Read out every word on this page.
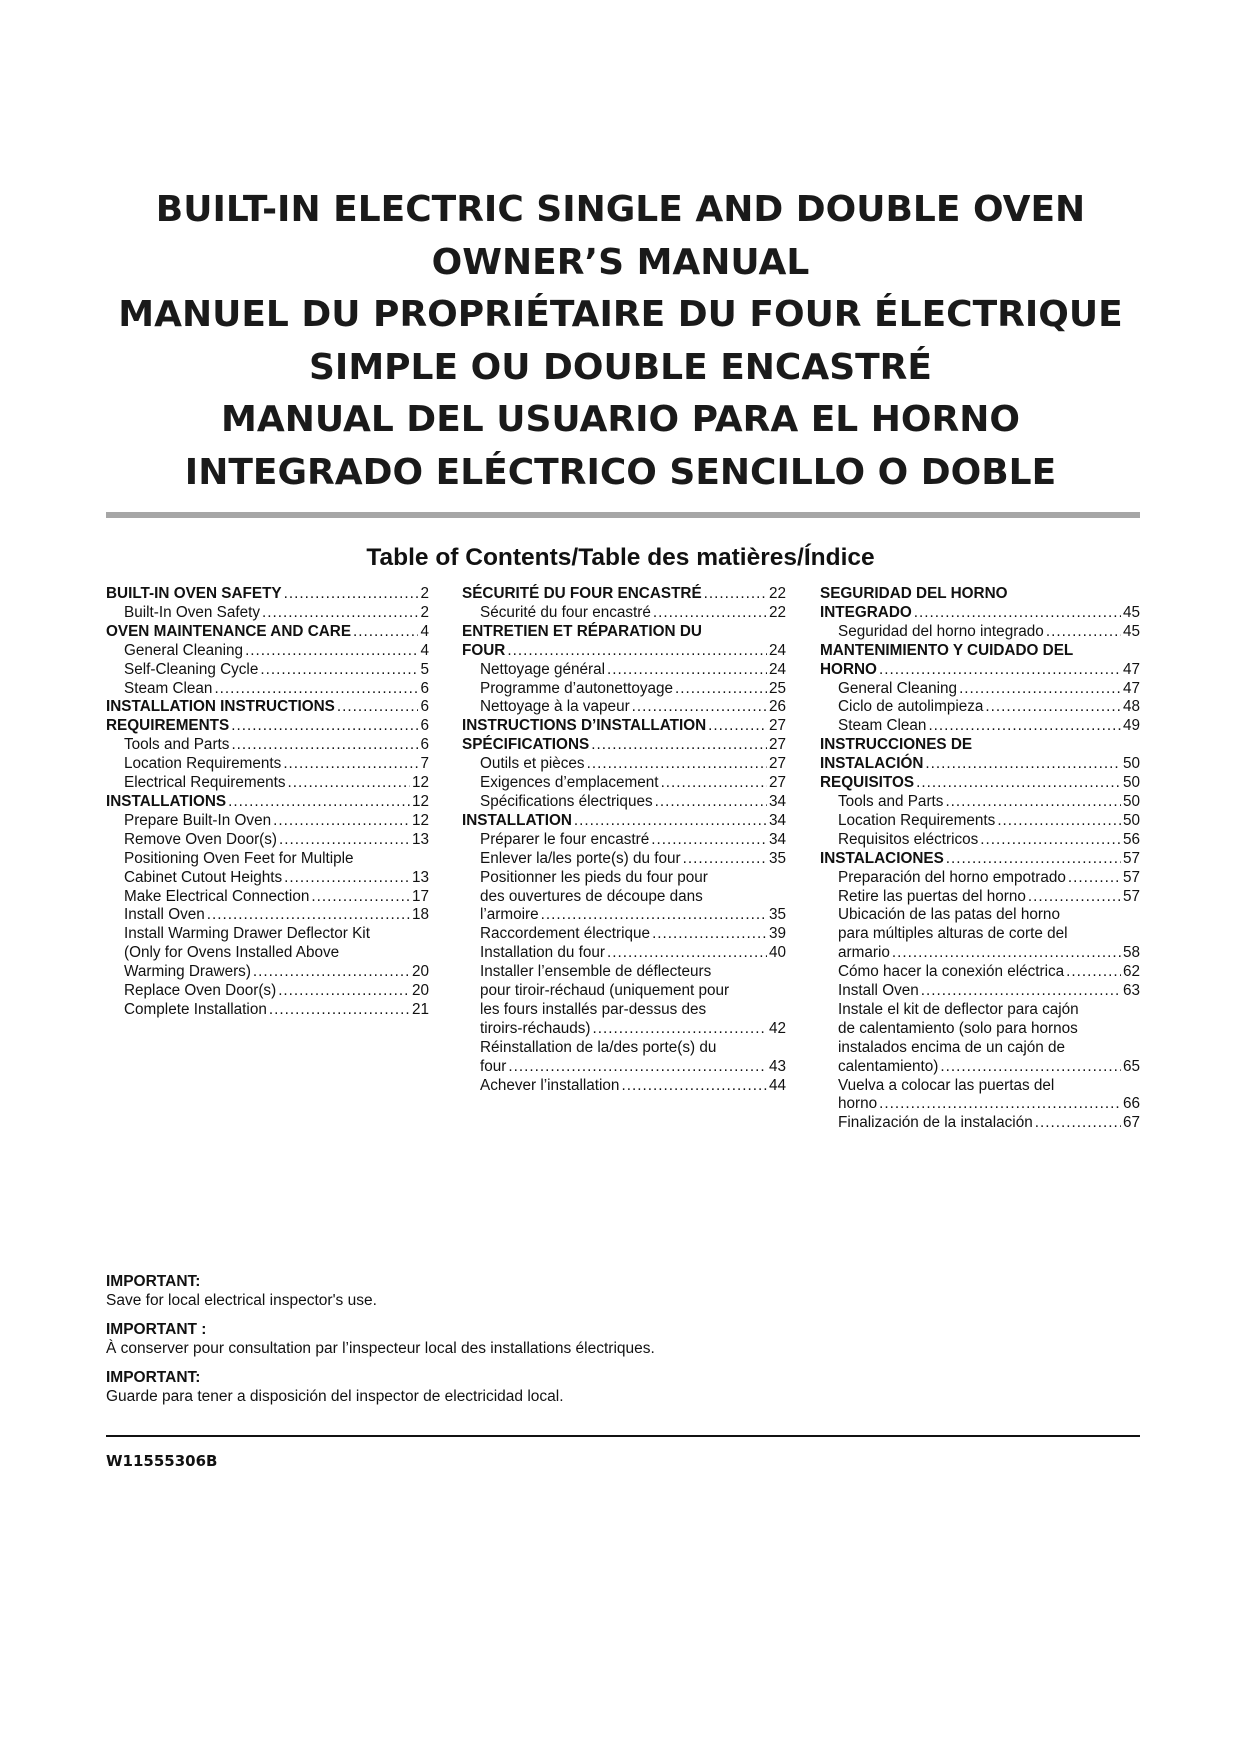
BUILT-IN ELECTRIC SINGLE AND DOUBLE OVEN
OWNER’S MANUAL
MANUEL DU PROPRIÉTAIRE DU FOUR ÉLECTRIQUE
SIMPLE OU DOUBLE ENCASTRÉ
MANUAL DEL USUARIO PARA EL HORNO
INTEGRADO ELÉCTRICO SENCILLO O DOBLE
Table of Contents/Table des matières/Índice
BUILT-IN OVEN SAFETY .....	2
Built-In Oven Safety .....	2
OVEN MAINTENANCE AND CARE .....	4
General Cleaning .....	4
Self-Cleaning Cycle .....	5
Steam Clean .....	6
INSTALLATION INSTRUCTIONS .....	6
REQUIREMENTS .....	6
Tools and Parts .....	6
Location Requirements .....	7
Electrical Requirements .....	12
INSTALLATIONS .....	12
Prepare Built-In Oven .....	12
Remove Oven Door(s) .....	13
Positioning Oven Feet for Multiple
Cabinet Cutout Heights .....	13
Make Electrical Connection .....	17
Install Oven .....	18
Install Warming Drawer Deflector Kit
(Only for Ovens Installed Above
Warming Drawers) .....	20
Replace Oven Door(s) .....	20
Complete Installation .....	21
SÉCURITÉ DU FOUR ENCASTRÉ .....	22
Sécurité du four encastré .....	22
ENTRETIEN ET RÉPARATION DU
FOUR .....	24
Nettoyage général .....	24
Programme d’autonettoyage .....	25
Nettoyage à la vapeur .....	26
INSTRUCTIONS D’INSTALLATION .....	27
SPÉCIFICATIONS .....	27
Outils et pièces .....	27
Exigences d’emplacement .....	27
Spécifications électriques .....	34
INSTALLATION .....	34
Préparer le four encastré .....	34
Enlever la/les porte(s) du four .....	35
Positionner les pieds du four pour
des ouvertures de découpe dans
l’armoire .....	35
Raccordement électrique .....	39
Installation du four .....	40
Installer l’ensemble de déflecteurs
pour tiroir-réchaud (uniquement pour
les fours installés par-dessus des
tiroirs-réchauds) .....	42
Réinstallation de la/des porte(s) du
four .....	43
Achever l’installation .....	44
SEGURIDAD DEL HORNO
INTEGRADO .....	45
Seguridad del horno integrado .....	45
MANTENIMIENTO Y CUIDADO DEL
HORNO .....	47
General Cleaning .....	47
Ciclo de autolimpieza .....	48
Steam Clean .....	49
INSTRUCCIONES DE
INSTALACIÓN .....	50
REQUISITOS .....	50
Tools and Parts .....	50
Location Requirements .....	50
Requisitos eléctricos .....	56
INSTALACIONES .....	57
Preparación del horno empotrado .....	57
Retire las puertas del horno .....	57
Ubicación de las patas del horno
para múltiples alturas de corte del
armario .....	58
Cómo hacer la conexión eléctrica .....	62
Install Oven .....	63
Instale el kit de deflector para cajón
de calentamiento (solo para hornos
instalados encima de un cajón de
calentamiento) .....	65
Vuelva a colocar las puertas del
horno .....	66
Finalización de la instalación .....	67
IMPORTANT:
Save for local electrical inspector's use.
IMPORTANT :
À conserver pour consultation par l’inspecteur local des installations électriques.
IMPORTANT:
Guarde para tener a disposición del inspector de electricidad local.
W11555306B
